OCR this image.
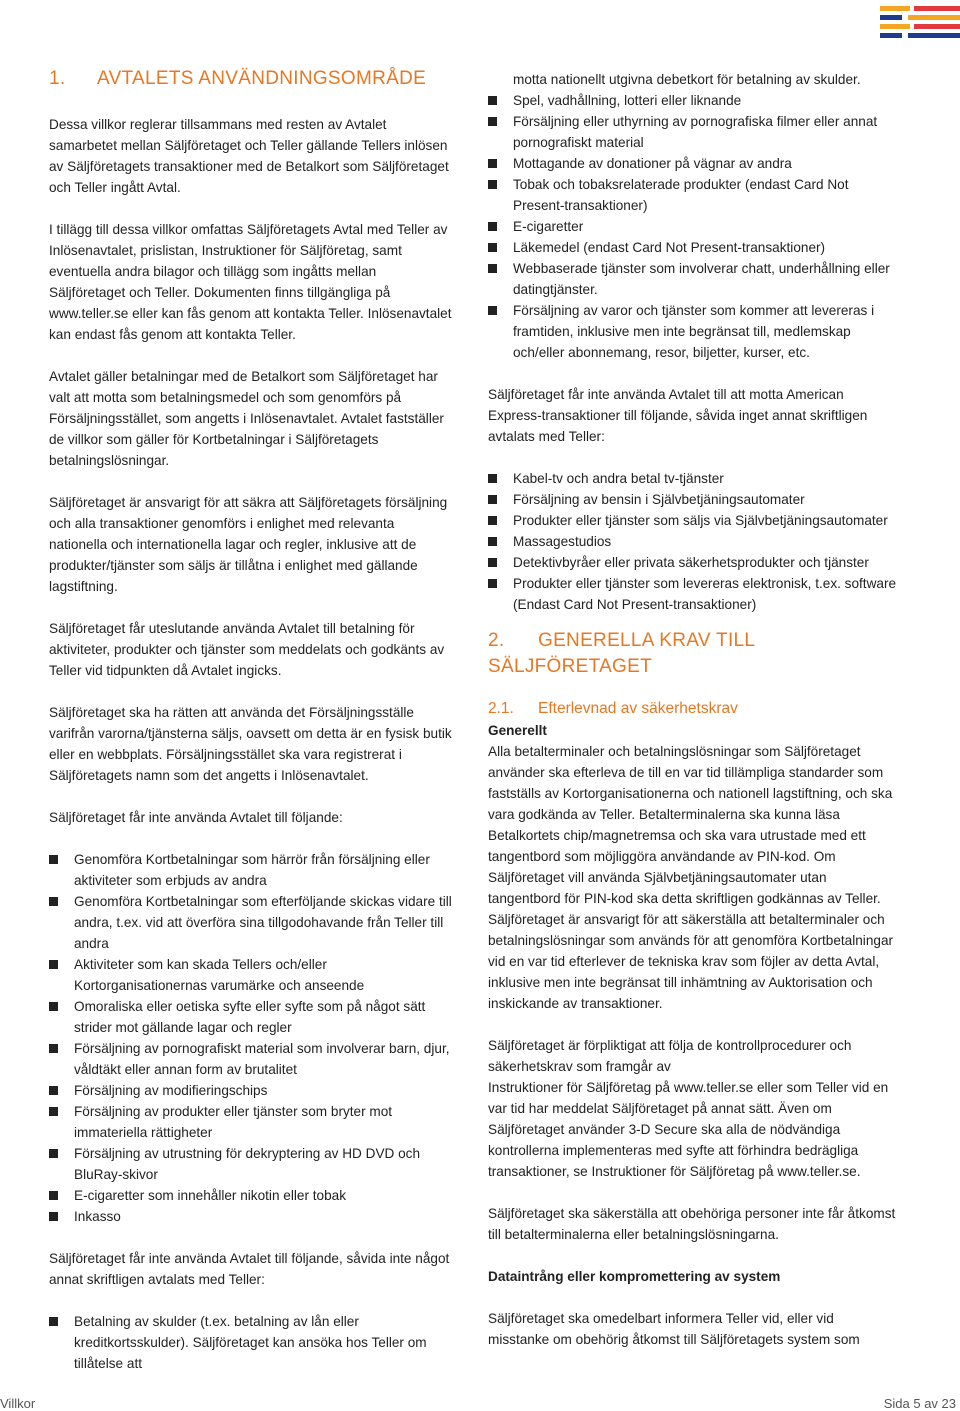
1. AVTALETS ANVÄNDNINGSOMRÅDE

Dessa villkor reglerar tillsammans med resten av Avtalet samarbetet mellan Säljföretaget och Teller gällande Tellers inlösen av Säljföretagets transaktioner med de Betalkort som Säljföretaget och Teller ingått Avtal.

I tillägg till dessa villkor omfattas Säljföretagets Avtal med Teller av Inlösenavtalet, prislistan, Instruktioner för Säljföretag, samt eventuella andra bilagor och tillägg som ingåtts mellan Säljföretaget och Teller. Dokumenten finns tillgängliga på www.teller.se eller kan fås genom att kontakta Teller. Inlösenavtalet kan endast fås genom att kontakta Teller.

Avtalet gäller betalningar med de Betalkort som Säljföretaget har valt att motta som betalningsmedel och som genomförs på Försäljningsstället, som angetts i Inlösenavtalet. Avtalet fastställer de villkor som gäller för Kortbetalningar i Säljföretagets betalningslösningar.

Säljföretaget är ansvarigt för att säkra att Säljföretagets försäljning och alla transaktioner genomförs i enlighet med relevanta nationella och internationella lagar och regler, inklusive att de produkter/tjänster som säljs är tillåtna i enlighet med gällande lagstiftning.

Säljföretaget får uteslutande använda Avtalet till betalning för aktiviteter, produkter och tjänster som meddelats och godkänts av Teller vid tidpunkten då Avtalet ingicks.

Säljföretaget ska ha rätten att använda det Försäljningsställe varifrån varorna/tjänsterna säljs, oavsett om detta är en fysisk butik eller en webbplats. Försäljningsstället ska vara registrerat i Säljföretagets namn som det angetts i Inlösenavtalet.

Säljföretaget får inte använda Avtalet till följande:

Genomföra Kortbetalningar som härrör från försäljning eller aktiviteter som erbjuds av andra
Genomföra Kortbetalningar som efterföljande skickas vidare till andra, t.ex. vid att överföra sina tillgodohavande från Teller till andra
Aktiviteter som kan skada Tellers och/eller Kortorganisationernas varumärke och anseende
Omoraliska eller oetiska syfte eller syfte som på något sätt strider mot gällande lagar och regler
Försäljning av pornografiskt material som involverar barn, djur, våldtäkt eller annan form av brutalitet
Försäljning av modifieringschips
Försäljning av produkter eller tjänster som bryter mot immateriella rättigheter
Försäljning av utrustning för dekryptering av HD DVD och BluRay-skivor
E-cigaretter som innehåller nikotin eller tobak
Inkasso

Säljföretaget får inte använda Avtalet till följande, såvida inte något annat skriftligen avtalats med Teller:

Betalning av skulder (t.ex. betalning av lån eller kreditkortsskulder). Säljföretaget kan ansöka hos Teller om tillåtelse att

motta nationellt utgivna debetkort för betalning av skulder.

Spel, vadhållning, lotteri eller liknande
Försäljning eller uthyrning av pornografiska filmer eller annat pornografiskt material
Mottagande av donationer på vägnar av andra
Tobak och tobaksrelaterade produkter (endast Card Not Present-transaktioner)
E-cigaretter
Läkemedel (endast Card Not Present-transaktioner)
Webbaserade tjänster som involverar chatt, underhållning eller datingtjänster.
Försäljning av varor och tjänster som kommer att levereras i framtiden, inklusive men inte begränsat till, medlemskap och/eller abonnemang, resor, biljetter, kurser, etc.

Säljföretaget får inte använda Avtalet till att motta American Express-transaktioner till följande, såvida inget annat skriftligen avtalats med Teller:

Kabel-tv och andra betal tv-tjänster
Försäljning av bensin i Självbetjäningsautomater
Produkter eller tjänster som säljs via Självbetjäningsautomater
Massagestudios
Detektivbyråer eller privata säkerhetsprodukter och tjänster
Produkter eller tjänster som levereras elektronisk, t.ex. software (Endast Card Not Present-transaktioner)
2. GENERELLA KRAV TILL SÄLJFÖRETAGET
2.1. Efterlevnad av säkerhetskrav
Generellt

Alla betalterminaler och betalningslösningar som Säljföretaget använder ska efterleva de till en var tid tillämpliga standarder som fastställs av Kortorganisationerna och nationell lagstiftning, och ska vara godkända av Teller. Betalterminalerna ska kunna läsa Betalkortets chip/magnetremsa och ska vara utrustade med ett tangentbord som möjliggöra användande av PIN-kod. Om Säljföretaget vill använda Självbetjäningsautomater utan tangentbord för PIN-kod ska detta skriftligen godkännas av Teller. Säljföretaget är ansvarigt för att säkerställa att betalterminaler och betalningslösningar som används för att genomföra Kortbetalningar vid en var tid efterlever de tekniska krav som föjler av detta Avtal, inklusive men inte begränsat till inhämtning av Auktorisation och inskickande av transaktioner.

Säljföretaget är förpliktigat att följa de kontrollprocedurer och säkerhetskrav som framgår av

Instruktioner för Säljföretag på www.teller.se eller som Teller vid en var tid har meddelat Säljföretaget på annat sätt. Även om Säljföretaget använder 3-D Secure ska alla de nödvändiga kontrollerna implementeras med syfte att förhindra bedrägliga transaktioner, se Instruktioner för Säljföretag på www.teller.se.

Säljföretaget ska säkerställa att obehöriga personer inte får åtkomst till betalterminalerna eller betalningslösningarna.

Dataintrång eller kompromettering av system

Säljföretaget ska omedelbart informera Teller vid, eller vid misstanke om obehörig åtkomst till Säljföretagets system som

Villkor	Sida 5 av 23
